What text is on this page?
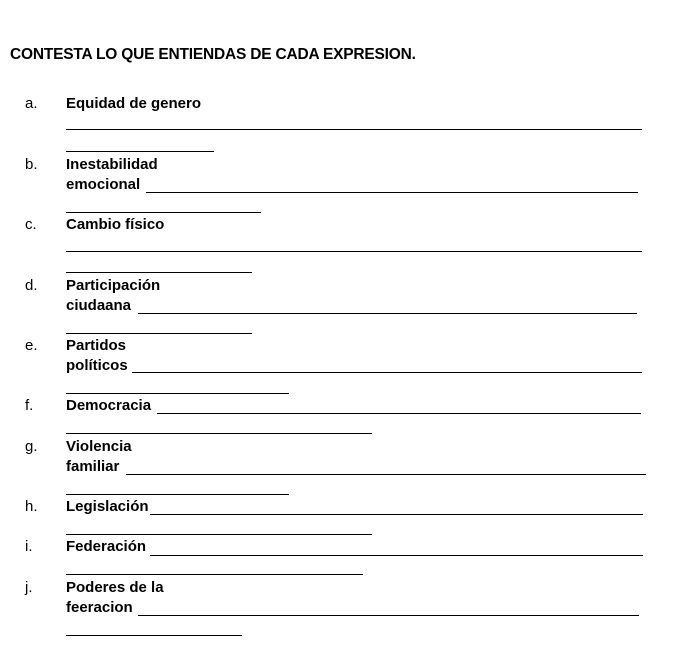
CONTESTA LO QUE ENTIENDAS DE CADA EXPRESION.
a. Equidad de genero
b. Inestabilidad
emocional
c. Cambio físico
d. Participación
ciudaana
e. Partidos
políticos
f. Democracia
g. Violencia
familiar
h. Legislación
i. Federación
j. Poderes de la
feeracion
